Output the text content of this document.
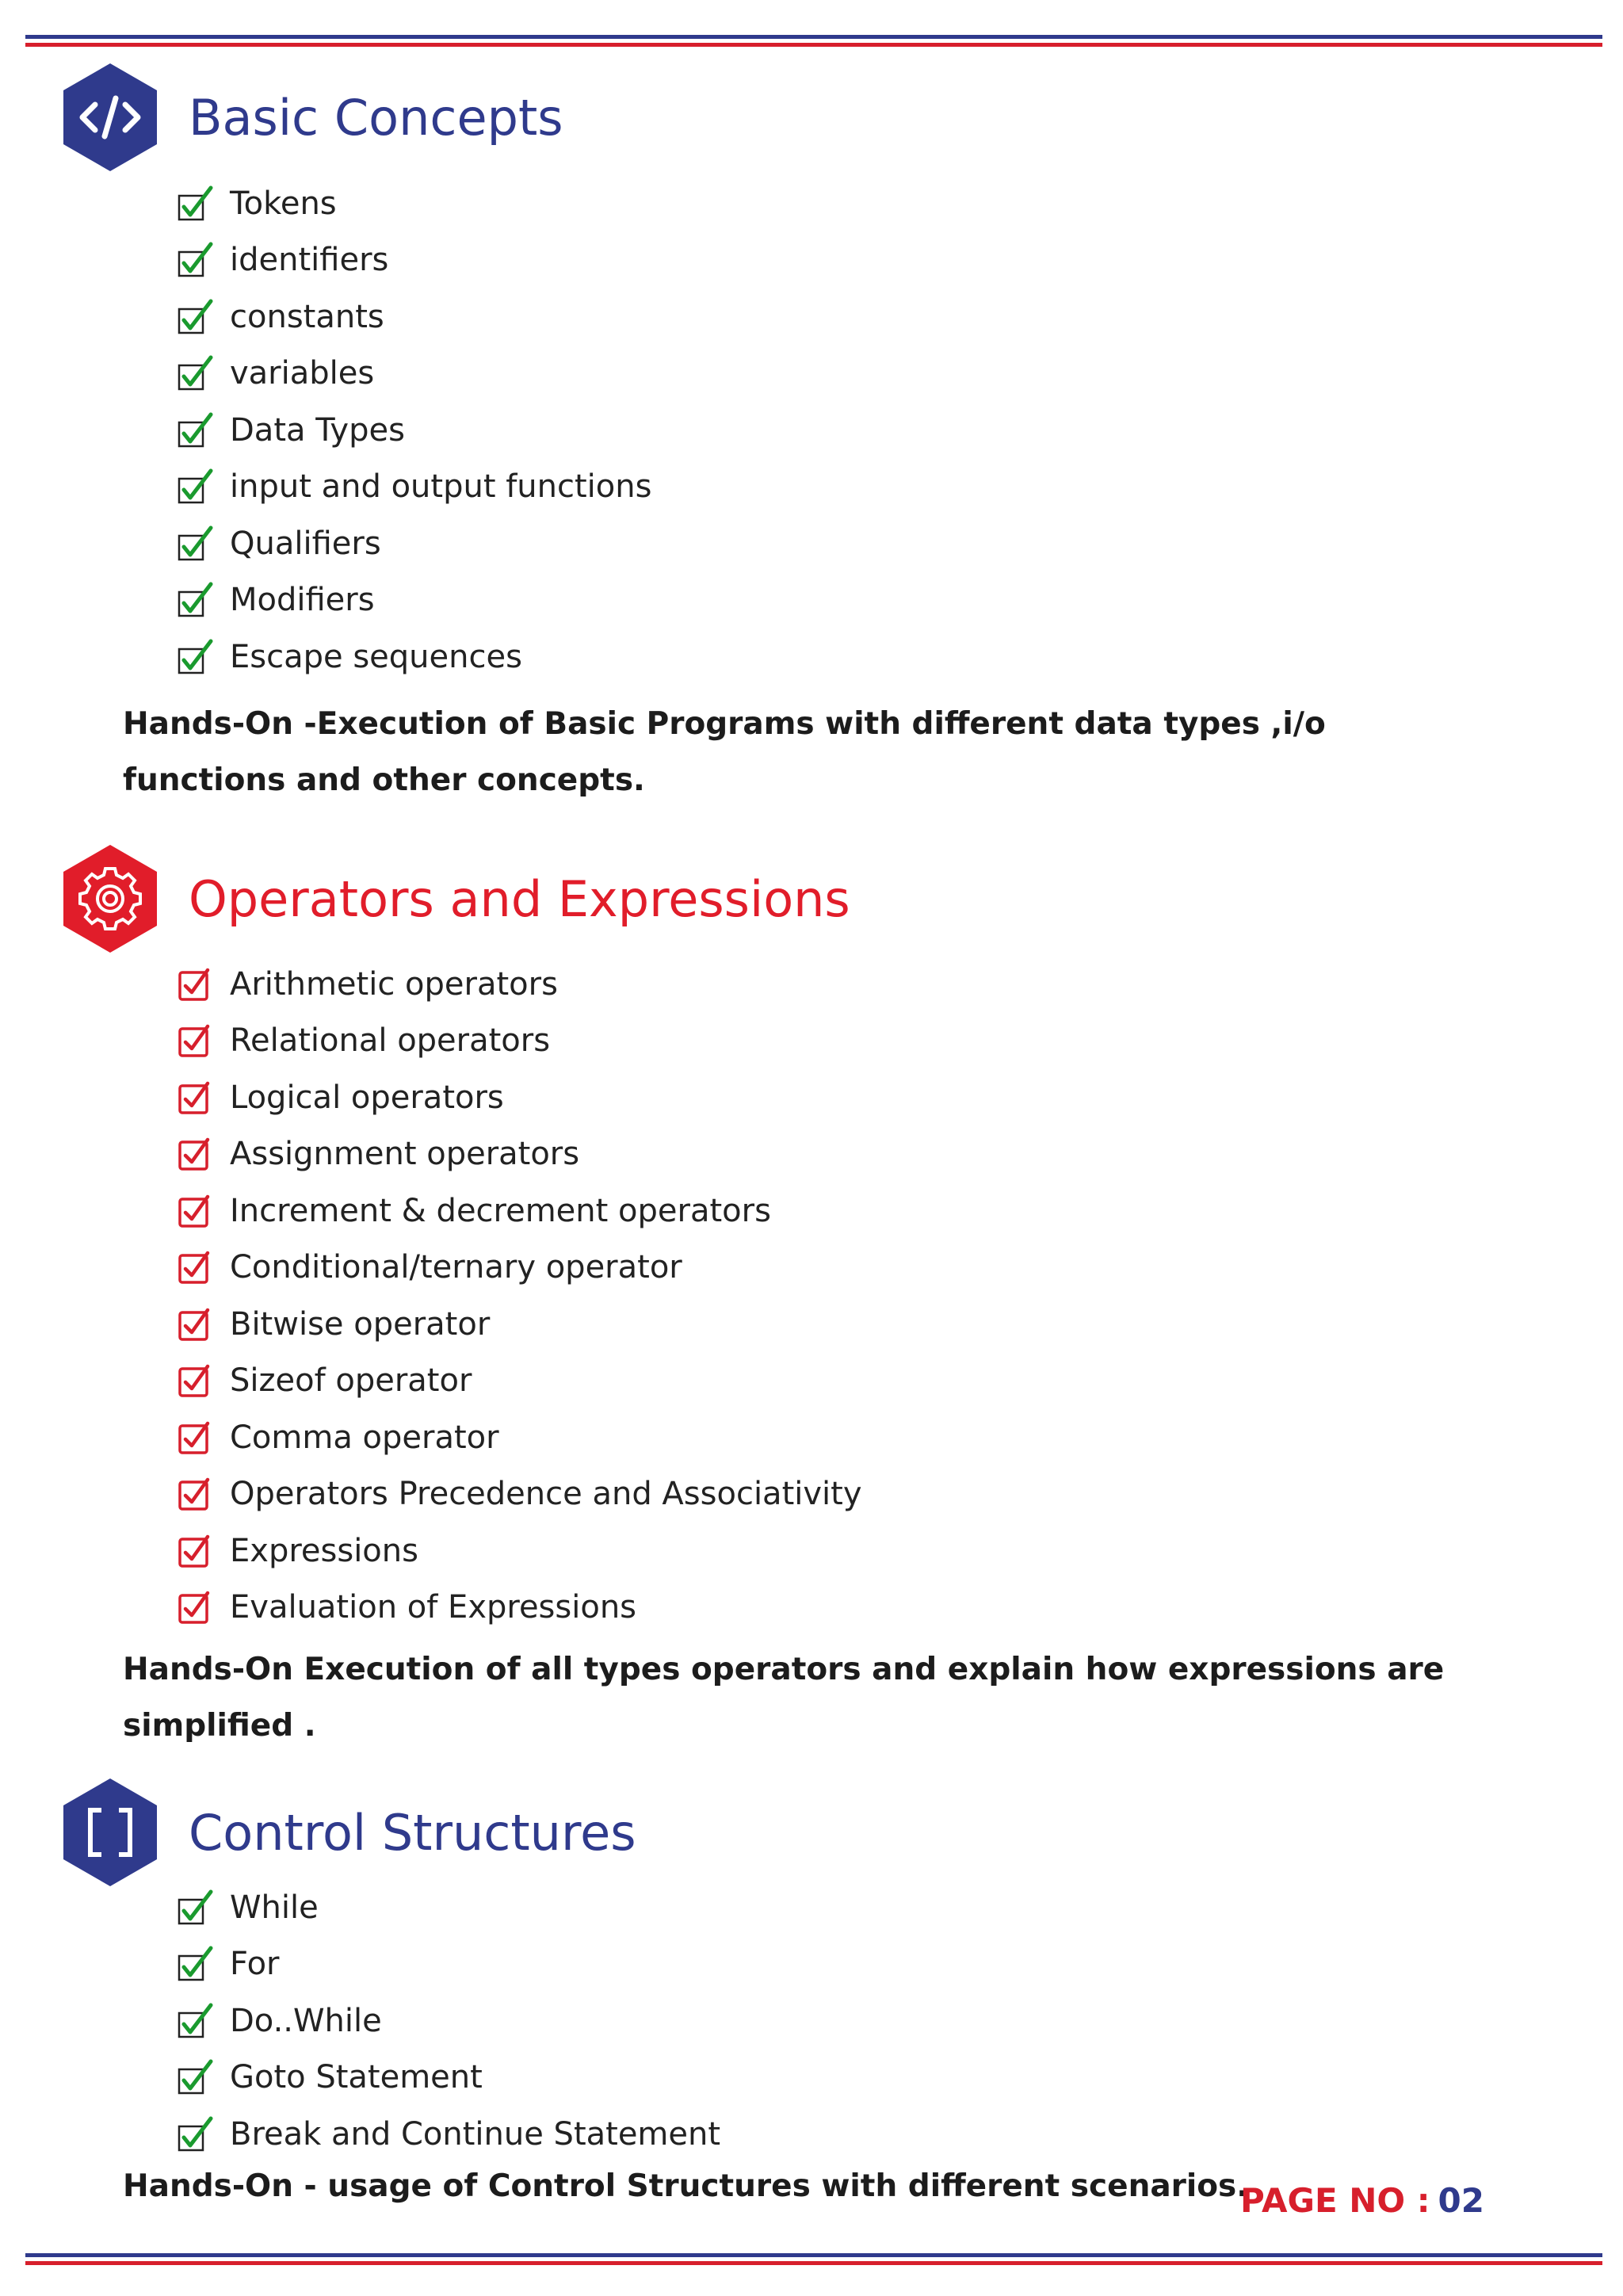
Basic Concepts
Tokens
identifiers
constants
variables
Data Types
input and output functions
Qualifiers
Modifiers
Escape sequences
Hands-On -Execution of Basic Programs with different data types ,i/o functions and other concepts.
Operators and Expressions
Arithmetic operators
Relational operators
Logical operators
Assignment operators
Increment & decrement operators
Conditional/ternary operator
Bitwise operator
Sizeof operator
Comma operator
Operators Precedence and Associativity
Expressions
Evaluation of Expressions
Hands-On Execution of all types operators and explain how expressions are simplified .
Control Structures
While
For
Do..While
Goto Statement
Break and Continue Statement
Hands-On - usage of Control Structures with different scenarios.
PAGE NO : 02
